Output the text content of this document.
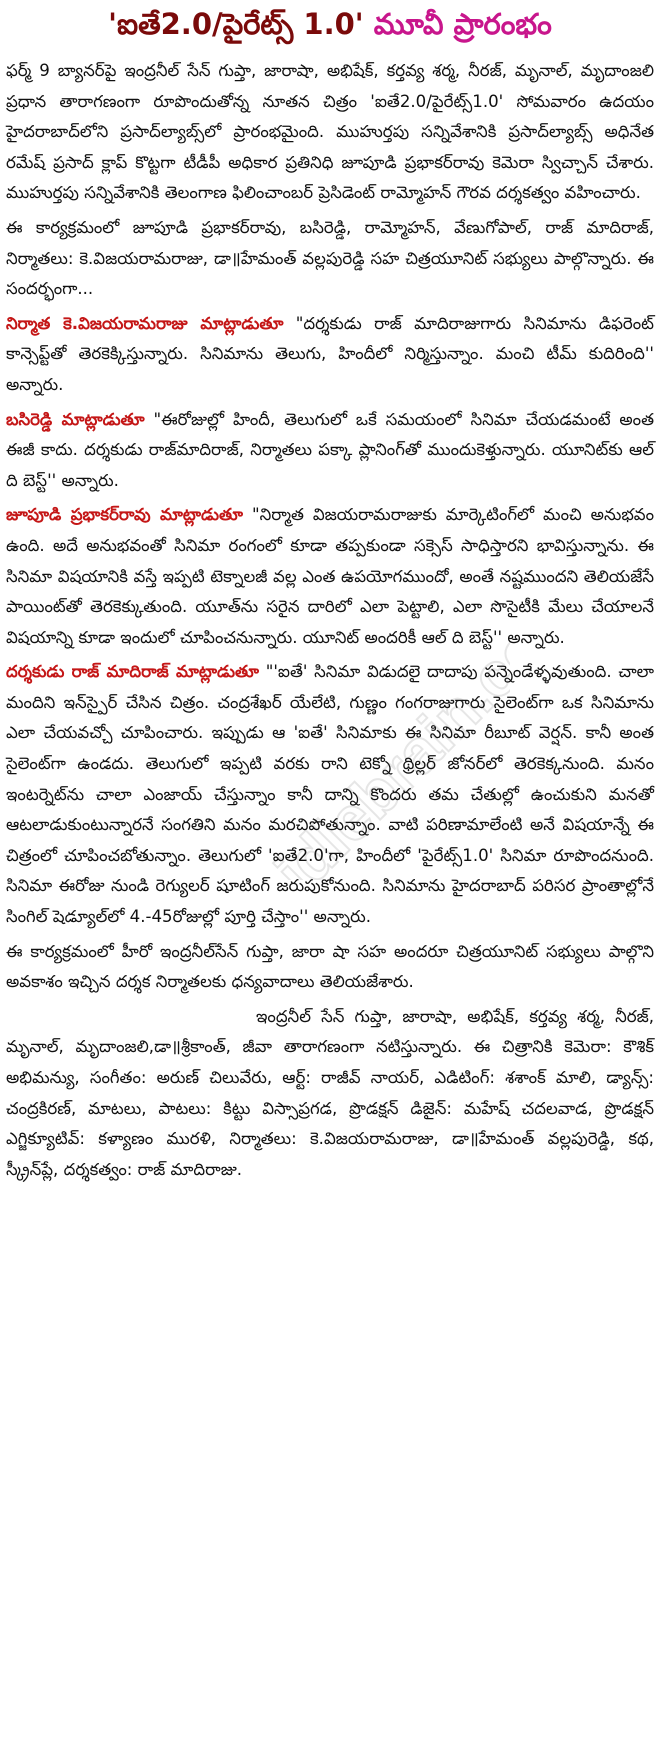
'ఐతే2.0/పైరేట్స్ 1.0' మూవీ ప్రారంభం

ఫర్మ్ 9 బ్యానర్‌పై ఇంద్రనీల్ సేన్ గుప్తా, జారాషా, అభిషేక్, కర్తవ్య శర్మ, నీరజ్, మృనాల్, మృదాంజలి ప్రధాన తారాగణంగా రూపొందుతోన్న నూతన చిత్రం 'ఐతే2.0/పైరేట్స్1.0' సోమవారం ఉదయం హైదరాబాద్‌లోని ప్రసాద్‌ల్యాబ్స్‌లో ప్రారంభమైంది. ముహుర్తపు సన్నివేశానికి ప్రసాద్‌ల్యాబ్స్ అధినేత రమేష్ ప్రసాద్ క్లాప్ కొట్టగా టీడీపీ అధికార ప్రతినిధి జూపూడి ప్రభాకర్‌రావు కెమెరా స్విచ్చాన్ చేశారు. ముహుర్తపు సన్నివేశానికి తెలంగాణ ఫిలించాంబర్ ప్రెసిడెంట్ రామ్మోహన్ గౌరవ దర్శకత్వం వహించారు.

ఈ కార్యక్రమంలో జూపూడి ప్రభాకర్‌రావు, బసిరెడ్డి, రామ్మోహన్, వేణుగోపాల్, రాజ్ మాదిరాజ్, నిర్మాతలు: కె.విజయరామరాజు, డా॥హేమంత్ వల్లపురెడ్డి సహ చిత్రయూనిట్ సభ్యులు పాల్గొన్నారు. ఈ సందర్భంగా...

నిర్మాత కె.విజయరామరాజు మాట్లాడుతూ "దర్శకుడు రాజ్ మాదిరాజుగారు సినిమాను డిఫరెంట్ కాన్సెప్ట్‌తో తెరకెక్కిస్తున్నారు. సినిమాను తెలుగు, హిందీలో నిర్మిస్తున్నాం. మంచి టీమ్ కుదిరింది'' అన్నారు.

బసిరెడ్డి మాట్లాడుతూ "ఈరోజుల్లో హిందీ, తెలుగులో ఒకే సమయంలో సినిమా చేయడమంటే అంత ఈజీ కాదు. దర్శకుడు రాజ్‌మాదిరాజ్, నిర్మాతలు పక్కా ప్లానింగ్‌తో ముందుకెళ్తున్నారు. యూనిట్‌కు ఆల్ ది బెస్ట్'' అన్నారు.

జూపూడి ప్రభాకర్‌రావు మాట్లాడుతూ "నిర్మాత విజయరామరాజుకు మార్కెటింగ్‌లో మంచి అనుభవం ఉంది. అదే అనుభవంతో సినిమా రంగంలో కూడా తప్పకుండా సక్సెస్ సాధిస్తారని భావిస్తున్నాను. ఈ సినిమా విషయానికి వస్తే ఇప్పటి టెక్నాలజీ వల్ల ఎంత ఉపయోగముందో, అంతే నష్టముందని తెలియజేసే పాయింట్‌తో తెరకెక్కుతుంది. యూత్‌ను సరైన దారిలో ఎలా పెట్టాలి, ఎలా సొసైటీకి మేలు చేయాలనే విషయాన్ని కూడా ఇందులో చూపించనున్నారు. యూనిట్ అందరికీ ఆల్ ది బెస్ట్'' అన్నారు.

దర్శకుడు రాజ్ మాదిరాజ్ మాట్లాడుతూ "'ఐతే' సినిమా విడుదలై దాదాపు పన్నెండేళ్ళవుతుంది. చాలా మందిని ఇన్‌స్పైర్ చేసిన చిత్రం. చంద్రశేఖర్ యేలేటి, గుణ్ణం గంగరాజుగారు సైలెంట్‌గా ఒక సినిమాను ఎలా చేయవచ్చో చూపించారు. ఇప్పుడు ఆ 'ఐతే' సినిమాకు ఈ సినిమా రీబూట్ వెర్షన్. కానీ అంత సైలెంట్‌గా ఉండదు. తెలుగులో ఇప్పటి వరకు రాని టెక్నో థ్రిల్లర్ జోనర్‌లో తెరకెక్కనుంది. మనం ఇంటర్నెట్‌ను చాలా ఎంజాయ్ చేస్తున్నాం కానీ దాన్ని కొందరు తమ చేతుల్లో ఉంచుకుని మనతో ఆటలాడుకుంటున్నారనే సంగతిని మనం మరచిపోతున్నాం. వాటి పరిణామాలేంటి అనే విషయాన్నే ఈ చిత్రంలో చూపించబోతున్నాం. తెలుగులో 'ఐతే2.0'గా, హిందీలో 'పైరేట్స్1.0' సినిమా రూపొందనుంది. సినిమా ఈరోజు నుండి రెగ్యులర్ షూటింగ్ జరుపుకోనుంది. సినిమాను హైదరాబాద్ పరిసర ప్రాంతాల్లోనే సింగిల్ షెడ్యూల్‌లో 4.-45రోజుల్లో పూర్తి చేస్తాం'' అన్నారు.

ఈ కార్యక్రమంలో హీరో ఇంద్రనీల్‌సేన్ గుప్తా, జారా షా సహ అందరూ చిత్రయూనిట్ సభ్యులు పాల్గొని అవకాశం ఇచ్చిన దర్శక నిర్మాతలకు ధన్యవాదాలు తెలియజేశారు.

ఇంద్రనీల్ సేన్ గుప్తా, జారాషా, అభిషేక్, కర్తవ్య శర్మ, నీరజ్, మృనాల్, మృదాంజలి,డా॥శ్రీకాంత్, జీవా తారాగణంగా నటిస్తున్నారు. ఈ చిత్రానికి కెమెరా: కౌశిక్ అభిమన్యు, సంగీతం: అరుణ్ చిలువేరు, ఆర్ట్: రాజీవ్ నాయర్, ఎడిటింగ్: శశాంక్ మాలి, డ్యాన్స్: చంద్రకిరణ్, మాటలు, పాటలు: కిట్టు విస్సాప్రగడ, ప్రొడక్షన్ డిజైన్: మహేష్ చదలవాడ, ప్రొడక్షన్ ఎగ్జిక్యూటివ్: కళ్యాణం మురళి, నిర్మాతలు: కె.విజయరామరాజు, డా॥హేమంత్ వల్లపురెడ్డి, కథ, స్క్రీన్‌ప్లే, దర్శకత్వం: రాజ్ మాదిరాజు.

idlebrain.com
